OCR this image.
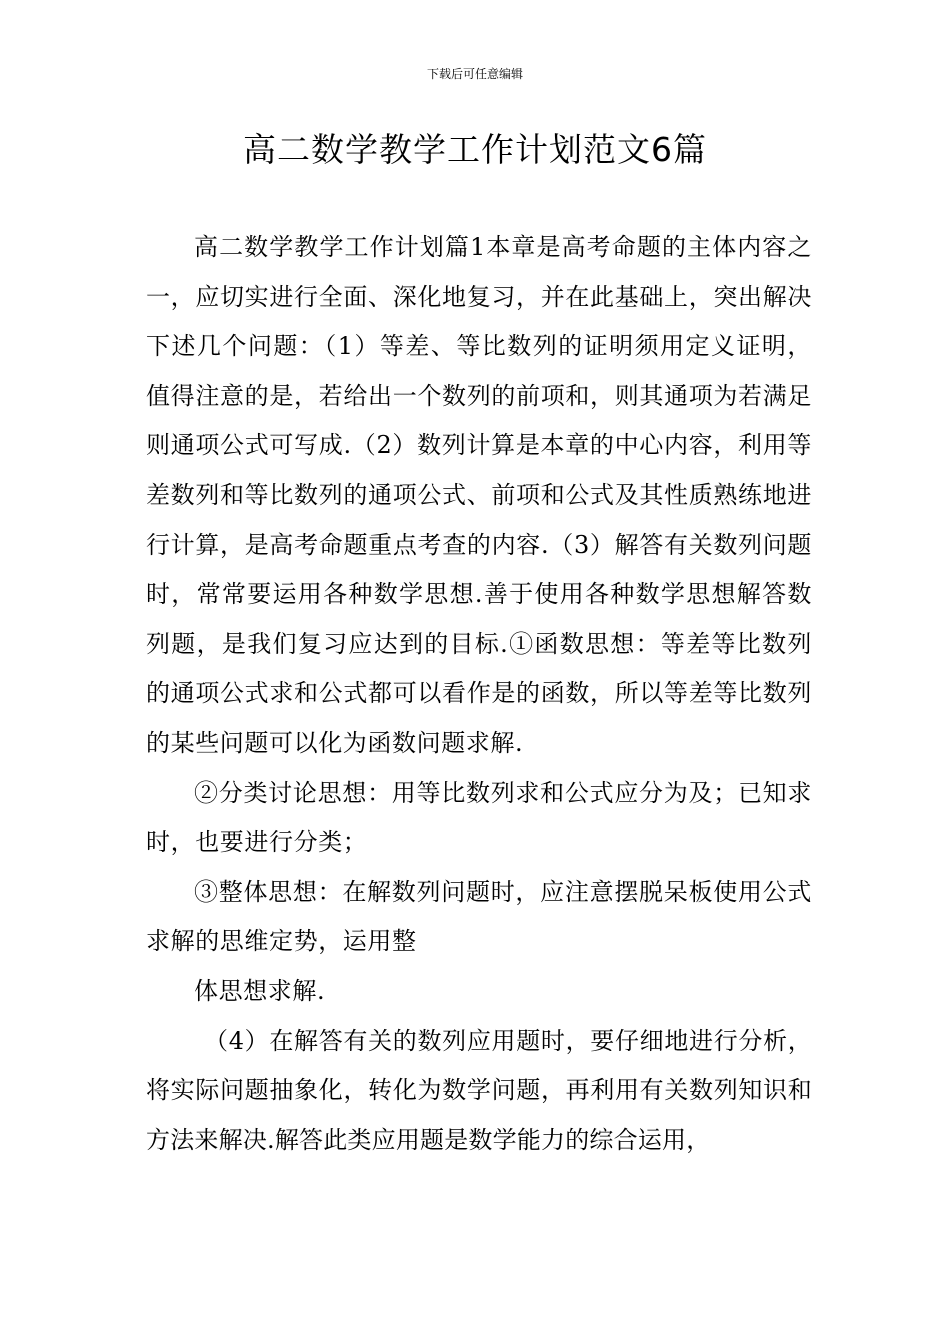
下载后可任意编辑
高二数学教学工作计划范文6篇

高二数学教学工作计划篇1本章是高考命题的主体内容之一，应切实进行全面、深化地复习，并在此基础上，突出解决下述几个问题：（1）等差、等比数列的证明须用定义证明，值得注意的是，若给出一个数列的前项和，则其通项为若满足则通项公式可写成.（2）数列计算是本章的中心内容，利用等差数列和等比数列的通项公式、前项和公式及其性质熟练地进行计算，是高考命题重点考查的内容.（3）解答有关数列问题时，常常要运用各种数学思想.善于使用各种数学思想解答数列题，是我们复习应达到的目标.①函数思想：等差等比数列的通项公式求和公式都可以看作是的函数，所以等差等比数列的某些问题可以化为函数问题求解.

②分类讨论思想：用等比数列求和公式应分为及；已知求时，也要进行分类；

③整体思想：在解数列问题时，应注意摆脱呆板使用公式求解的思维定势，运用整

体思想求解.

（4）在解答有关的数列应用题时，要仔细地进行分析，将实际问题抽象化，转化为数学问题，再利用有关数列知识和方法来解决.解答此类应用题是数学能力的综合运用，
